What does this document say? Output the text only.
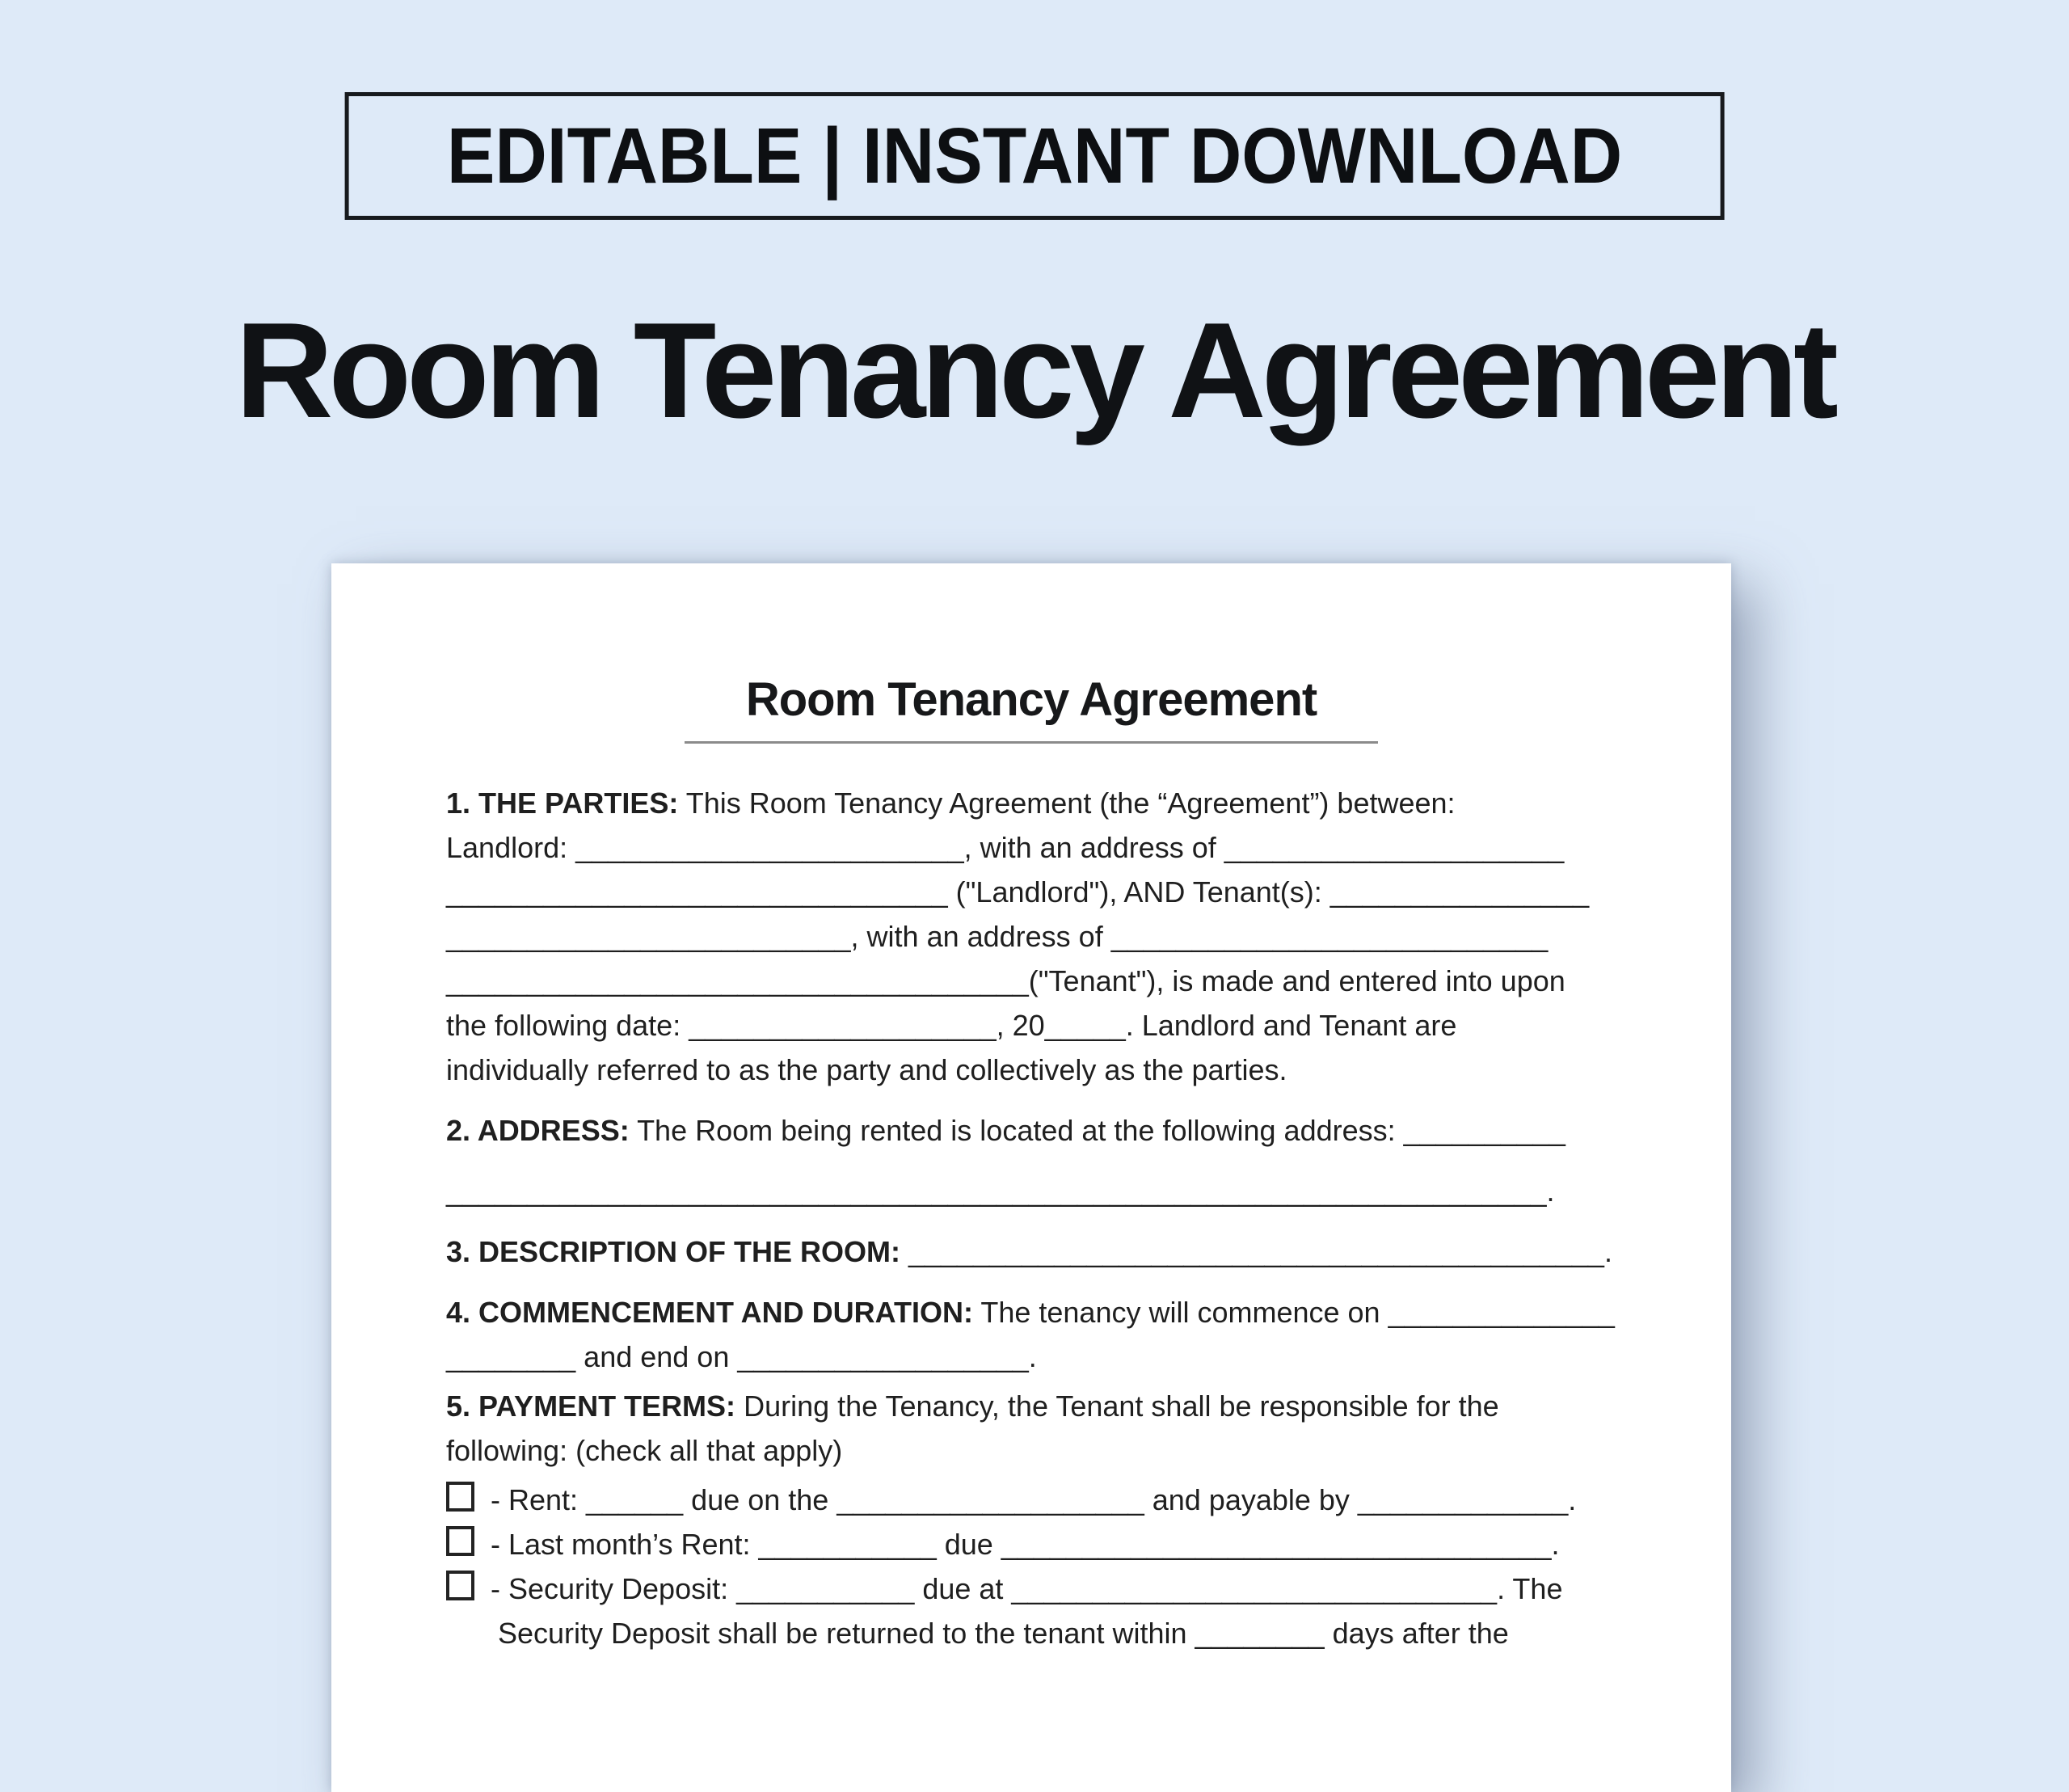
EDITABLE | INSTANT DOWNLOAD
Room Tenancy Agreement
Room Tenancy Agreement
1. THE PARTIES: This Room Tenancy Agreement (the “Agreement”) between:
Landlord: ________________________, with an address of _____________________
_______________________________ ("Landlord"), AND Tenant(s): ________________
_________________________, with an address of ___________________________
____________________________________("Tenant"), is made and entered into upon
the following date: ___________________, 20_____. Landlord and Tenant are
individually referred to as the party and collectively as the parties.
2. ADDRESS: The Room being rented is located at the following address: __________
____________________________________________________________________.
3. DESCRIPTION OF THE ROOM: ___________________________________________.
4. COMMENCEMENT AND DURATION: The tenancy will commence on ______________
________ and end on __________________.
5. PAYMENT TERMS: During the Tenancy, the Tenant shall be responsible for the
following: (check all that apply)
- Rent: ______ due on the ___________________ and payable by _____________.
- Last month’s Rent: ___________ due __________________________________.
- Security Deposit: ___________ due at ______________________________. The
Security Deposit shall be returned to the tenant within ________ days after the
